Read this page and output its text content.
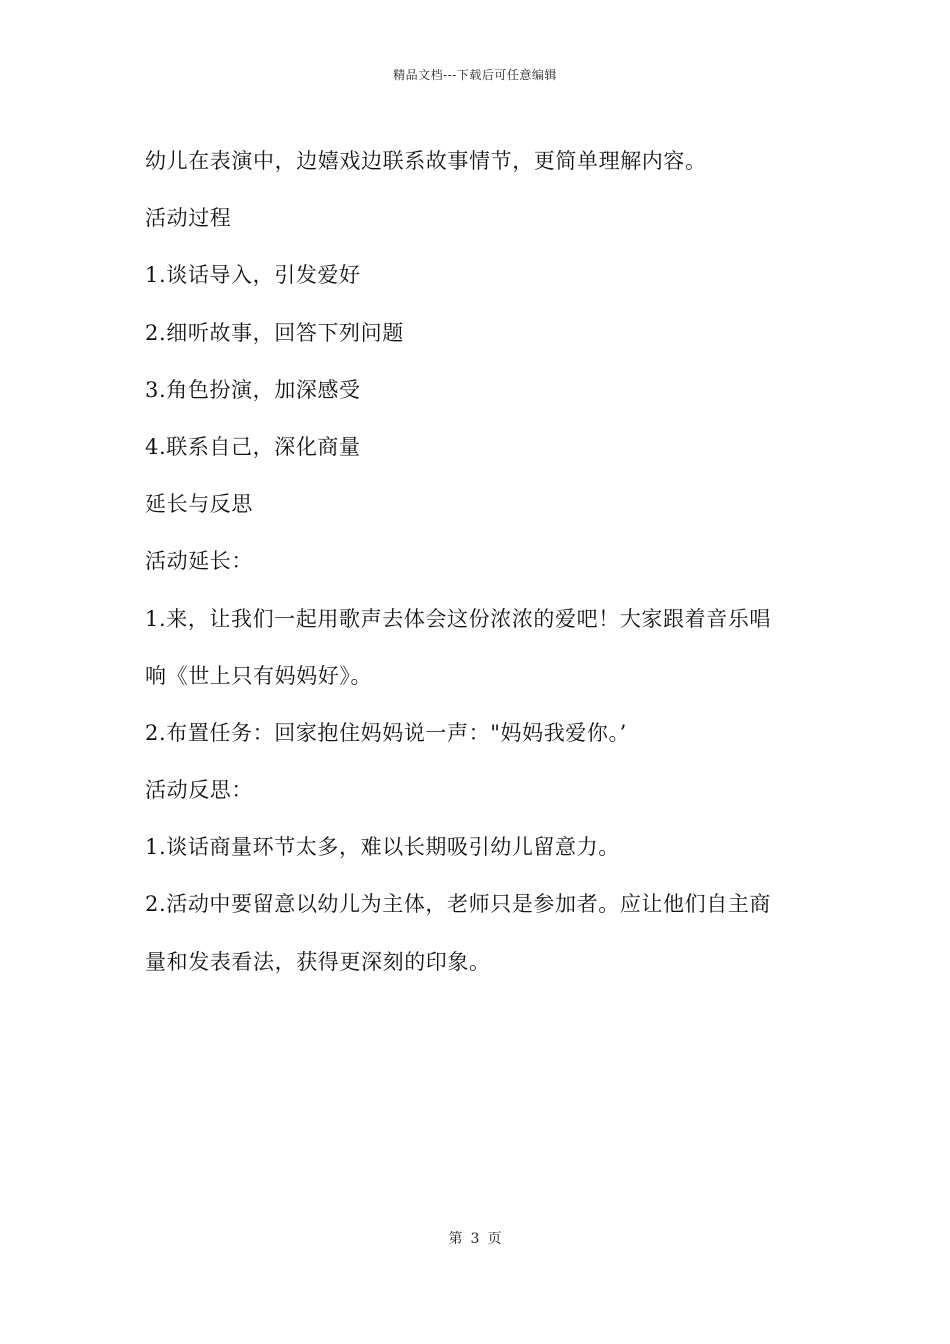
精品文档---下载后可任意编辑

幼儿在表演中，边嬉戏边联系故事情节，更简单理解内容。

活动过程

1.谈话导入，引发爱好

2.细听故事，回答下列问题

3.角色扮演，加深感受

4.联系自己，深化商量

延长与反思

活动延长：

1.来，让我们一起用歌声去体会这份浓浓的爱吧！大家跟着音乐唱

响《世上只有妈妈好》。

2.布置任务：回家抱住妈妈说一声："妈妈我爱你。’

活动反思：

1.谈话商量环节太多，难以长期吸引幼儿留意力。

2.活动中要留意以幼儿为主体，老师只是参加者。应让他们自主商

量和发表看法，获得更深刻的印象。

第 3 页
